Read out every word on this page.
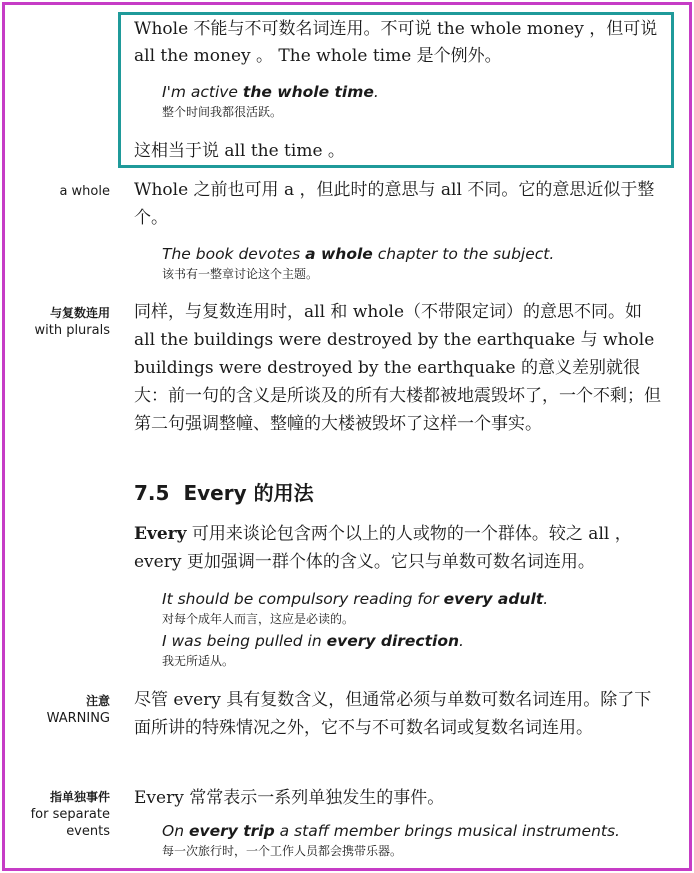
Whole 不能与不可数名词连用。不可说 the whole money ，但可说 all the money 。 The whole time 是个例外。
I'm active the whole time.
整个时间我都很活跃。
这相当于说 all the time 。
a whole Whole 之前也可用 a ，但此时的意思与 all 不同。它的意思近似于整个。
The book devotes a whole chapter to the subject.
该书有一整章讨论这个主题。
与复数连用
with plurals
同样，与复数连用时，all 和 whole（不带限定词）的意思不同。如 all the buildings were destroyed by the earthquake 与 whole buildings were destroyed by the earthquake 的意义差别就很大：前一句的含义是所谈及的所有大楼都被地震毁坏了，一个不剩；但第二句强调整幢、整幢的大楼被毁坏了这样一个事实。
7.5 Every 的用法
Every 可用来谈论包含两个以上的人或物的一个群体。较之 all ，every 更加强调一群个体的含义。它只与单数可数名词连用。
It should be compulsory reading for every adult.
对每个成年人而言，这应是必读的。
I was being pulled in every direction.
我无所适从。
注意
WARNING
尽管 every 具有复数含义，但通常必须与单数可数名词连用。除了下面所讲的特殊情况之外，它不与不可数名词或复数名词连用。
指单独事件
for separate
events
Every 常常表示一系列单独发生的事件。
On every trip a staff member brings musical instruments.
每一次旅行时，一个工作人员都会携带乐器。
